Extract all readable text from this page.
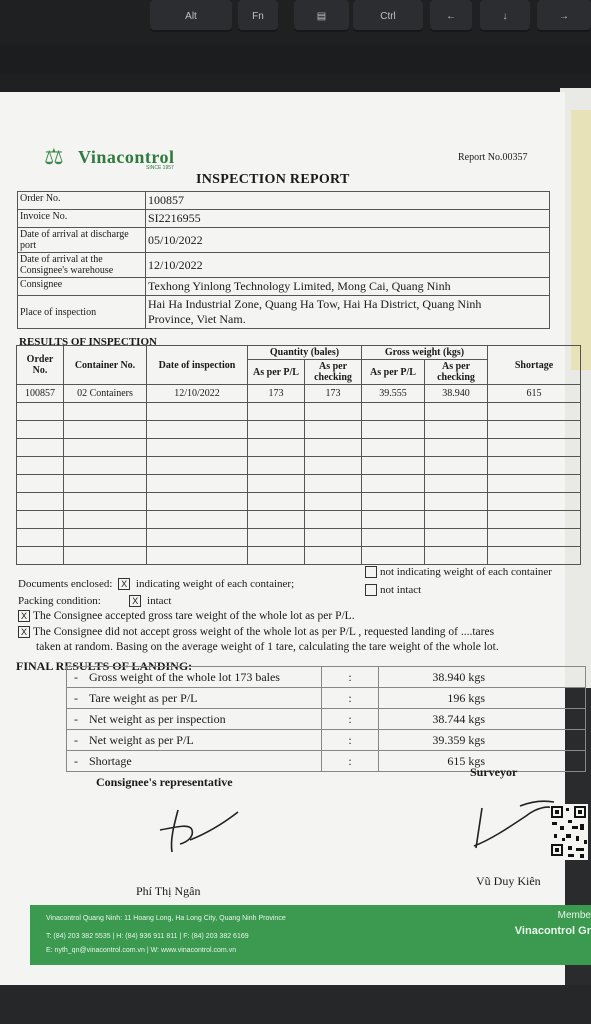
Alt	Fn	▤	Ctrl	←	↓	→
⚖ Vinacontrol
SINCE 1957
Report No.00357
INSPECTION REPORT
Order No.	100857
Invoice No.	SI2216955
Date of arrival at discharge port	05/10/2022
Date of arrival at the Consignee's warehouse	12/10/2022
Consignee	Texhong Yinlong Technology Limited, Mong Cai, Quang Ninh
Place of inspection	Hai Ha Industrial Zone, Quang Ha Tow, Hai Ha District, Quang Ninh
Province, Viet Nam.
RESULTS OF INSPECTION
Order No.	Container No.	Date of inspection	Quantity (bales)		Gross weight (kgs)		Shortage
			As per P/L	As per checking	As per P/L	As per checking	
100857	02 Containers	12/10/2022	173	173	39.555	38.940	615

Documents enclosed: X indicating weight of each container;
not indicating weight of each container
Packing condition:	X intact
not intact
X The Consignee accepted gross tare weight of the whole lot as per P/L.
X The Consignee did not accept gross weight of the whole lot as per P/L , requested landing of ....tares
taken at random. Basing on the average weight of 1 tare, calculating the tare weight of the whole lot.
FINAL RESULTS OF LANDING:
-	Gross weight of the whole lot 173 bales	:	38.940 kgs
-	Tare weight as per P/L	:	196 kgs
-	Net weight as per inspection	:	38.744 kgs
-	Net weight as per P/L	:	39.359 kgs
-	Shortage	:	615 kgs
Consignee's representative
Surveyor
Phí Thị Ngân
Vũ Duy Kiên
Vinacontrol Quang Ninh: 11 Hoang Long, Ha Long City, Quang Ninh Province
T: (84) 203 382 5535 | H: (84) 936 911 811 | F: (84) 203 382 6169
E: nyth_qn@vinacontrol.com.vn | W: www.vinacontrol.com.vn
Membe
Vinacontrol Gr
